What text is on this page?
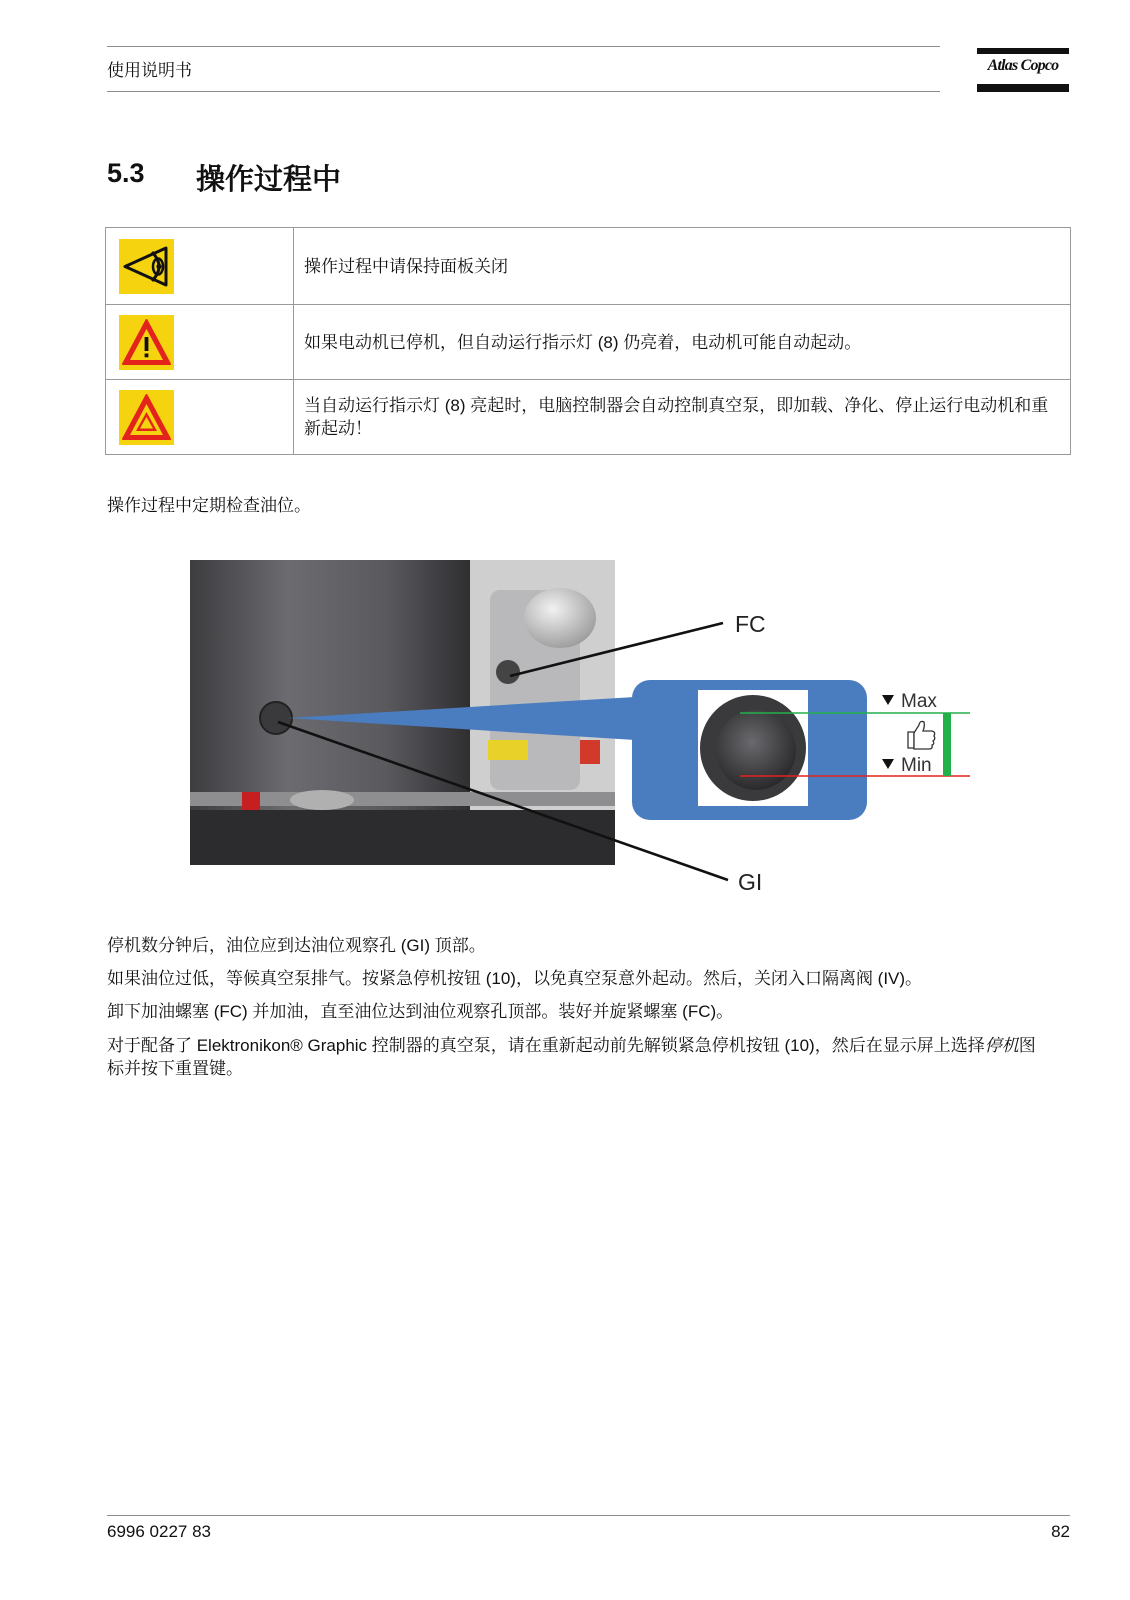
使用说明书	Atlas Copco
5.3 操作过程中
	操作过程中请保持面板关闭

	如果电动机已停机，但自动运行指示灯 (8) 仍亮着，电动机可能自动起动。

	当自动运行指示灯 (8) 亮起时，电脑控制器会自动控制真空泵，即加载、净化、停止运行电动机和重新起动！
操作过程中定期检查油位。
Max
Min
FC
GI
停机数分钟后，油位应到达油位观察孔 (GI) 顶部。
如果油位过低，等候真空泵排气。按紧急停机按钮 (10)，以免真空泵意外起动。然后，关闭入口隔离阀 (IV)。
卸下加油螺塞 (FC) 并加油，直至油位达到油位观察孔顶部。装好并旋紧螺塞 (FC)。
对于配备了 Elektronikon® Graphic 控制器的真空泵，请在重新起动前先解锁紧急停机按钮 (10)，然后在显示屏上选择停机图标并按下重置键。
6996 0227 83	82
